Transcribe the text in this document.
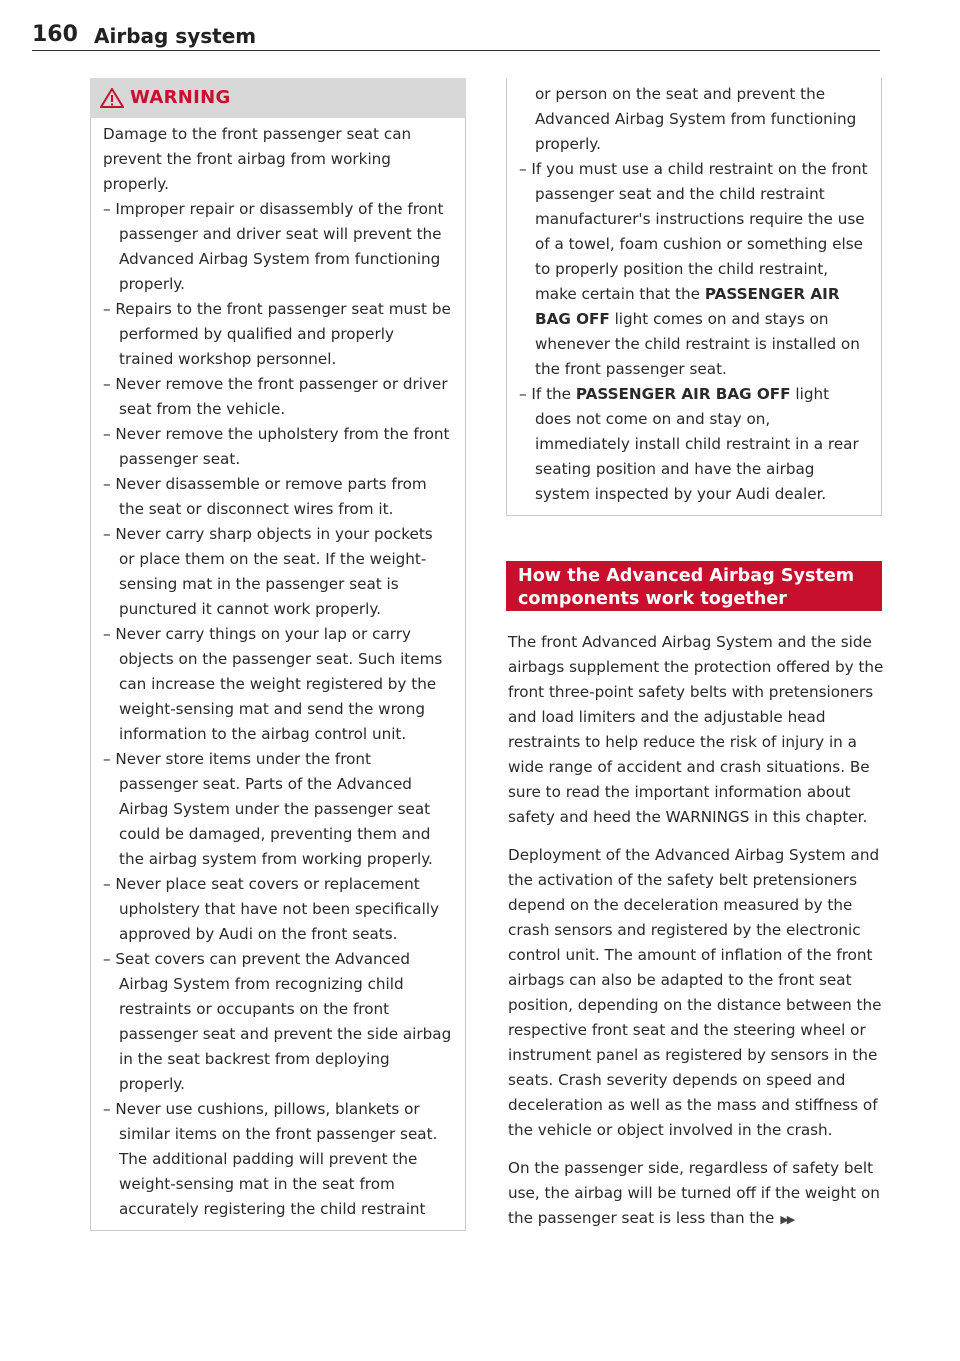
160 Airbag system
WARNING

Damage to the front passenger seat can prevent the front airbag from working properly.

– Improper repair or disassembly of the front passenger and driver seat will prevent the Advanced Airbag System from functioning properly.

– Repairs to the front passenger seat must be performed by qualified and properly trained workshop personnel.

– Never remove the front passenger or driver seat from the vehicle.

– Never remove the upholstery from the front passenger seat.

– Never disassemble or remove parts from the seat or disconnect wires from it.

– Never carry sharp objects in your pockets or place them on the seat. If the weight-sensing mat in the passenger seat is punctured it cannot work properly.

– Never carry things on your lap or carry objects on the passenger seat. Such items can increase the weight registered by the weight-sensing mat and send the wrong information to the airbag control unit.

– Never store items under the front passenger seat. Parts of the Advanced Airbag System under the passenger seat could be damaged, preventing them and the airbag system from working properly.

– Never place seat covers or replacement upholstery that have not been specifically approved by Audi on the front seats.

– Seat covers can prevent the Advanced Airbag System from recognizing child restraints or occupants on the front passenger seat and prevent the side airbag in the seat backrest from deploying properly.

– Never use cushions, pillows, blankets or similar items on the front passenger seat. The additional padding will prevent the weight-sensing mat in the seat from accurately registering the child restraint

or person on the seat and prevent the Advanced Airbag System from functioning properly.

– If you must use a child restraint on the front passenger seat and the child restraint manufacturer's instructions require the use of a towel, foam cushion or something else to properly position the child restraint, make certain that the PASSENGER AIR BAG OFF light comes on and stays on whenever the child restraint is installed on the front passenger seat.

– If the PASSENGER AIR BAG OFF light does not come on and stay on, immediately install child restraint in a rear seating position and have the airbag system inspected by your Audi dealer.

How the Advanced Airbag System components work together

The front Advanced Airbag System and the side airbags supplement the protection offered by the front three-point safety belts with pretensioners and load limiters and the adjustable head restraints to help reduce the risk of injury in a wide range of accident and crash situations. Be sure to read the important information about safety and heed the WARNINGS in this chapter.

Deployment of the Advanced Airbag System and the activation of the safety belt pretensioners depend on the deceleration measured by the crash sensors and registered by the electronic control unit. The amount of inflation of the front airbags can also be adapted to the front seat position, depending on the distance between the respective front seat and the steering wheel or instrument panel as registered by sensors in the seats. Crash severity depends on speed and deceleration as well as the mass and stiffness of the vehicle or object involved in the crash.

On the passenger side, regardless of safety belt use, the airbag will be turned off if the weight on the passenger seat is less than the ▶▶
